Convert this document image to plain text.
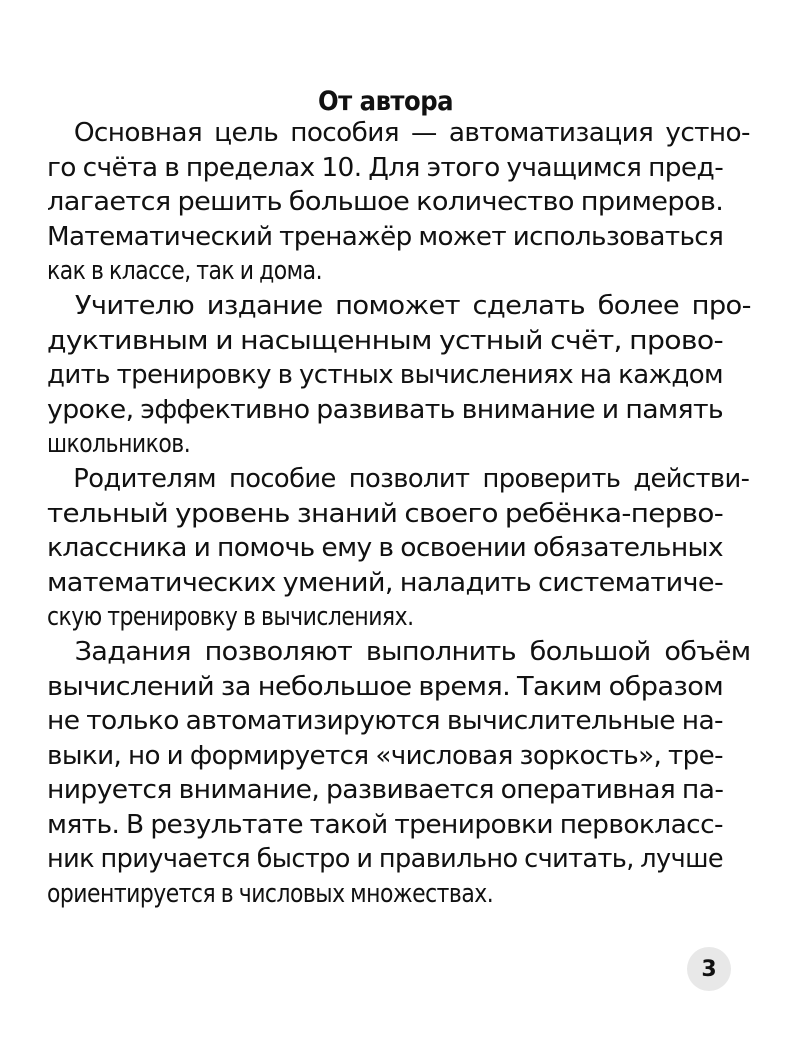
От автора
Основная цель пособия — автоматизация устно-
го счёта в пределах 10. Для этого учащимся пред-
лагается решить большое количество примеров.
Математический тренажёр может использоваться
как в классе, так и дома.
Учителю издание поможет сделать более про-
дуктивным и насыщенным устный счёт, прово-
дить тренировку в устных вычислениях на каждом
уроке, эффективно развивать внимание и память
школьников.
Родителям пособие позволит проверить действи-
тельный уровень знаний своего ребёнка-перво-
классника и помочь ему в освоении обязательных
математических умений, наладить систематиче-
скую тренировку в вычислениях.
Задания позволяют выполнить большой объём
вычислений за небольшое время. Таким образом
не только автоматизируются вычислительные на-
выки, но и формируется «числовая зоркость», тре-
нируется внимание, развивается оперативная па-
мять. В результате такой тренировки первокласс-
ник приучается быстро и правильно считать, лучше
ориентируется в числовых множествах.
3
